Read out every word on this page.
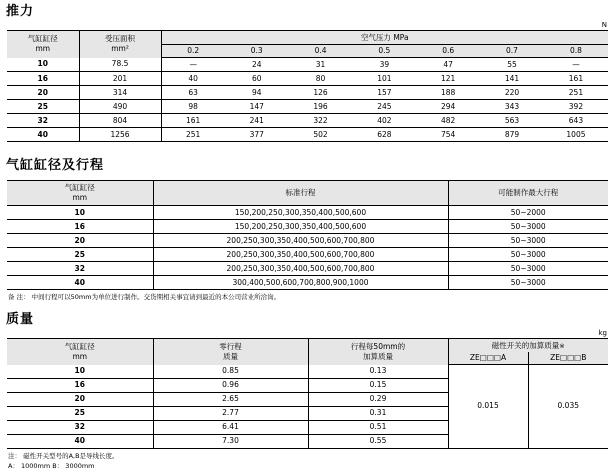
推力

N

气缸缸径
mm

受压面积
mm²
	空气压力 MPa
		0.2	0.3	0.4	0.5	0.6	0.7	0.8
10	78.5	—	24	31	39	47	55	—
16	201	40	60	80	101	121	141	161
20	314	63	94	126	157	188	220	251
25	490	98	147	196	245	294	343	392
32	804	161	241	322	402	482	563	643
40	1256	251	377	502	628	754	879	1005
气缸缸径及行程
气缸缸径
mm	标准行程	可能制作最大行程
10	150,200,250,300,350,400,500,600	50~2000
16	150,200,250,300,350,400,500,600	50~3000
20	200,250,300,350,400,500,600,700,800	50~3000
25	200,250,300,350,400,500,600,700,800	50~3000
32	200,250,300,350,400,500,600,700,800	50~3000
40	300,400,500,600,700,800,900,1000	50~3000

备 注： 中间行程可以50mm为单位进行制作。交货期相关事宜请到最近的本公司营业所洽询。

质量

kg

气缸缸径
mm

零行程
质量

行程每50mm的
加算质量
	磁性开关的加算质量※
			ZE□□□A	ZE□□□B
10	0.85	0.13	0.015	0.035
16	0.96	0.15		
20	2.65	0.29		
25	2.77	0.31		
32	6.41	0.51		
40	7.30	0.55		

注： 磁性开关型号的A,B是导线长度。

A： 1000mm B： 3000mm
